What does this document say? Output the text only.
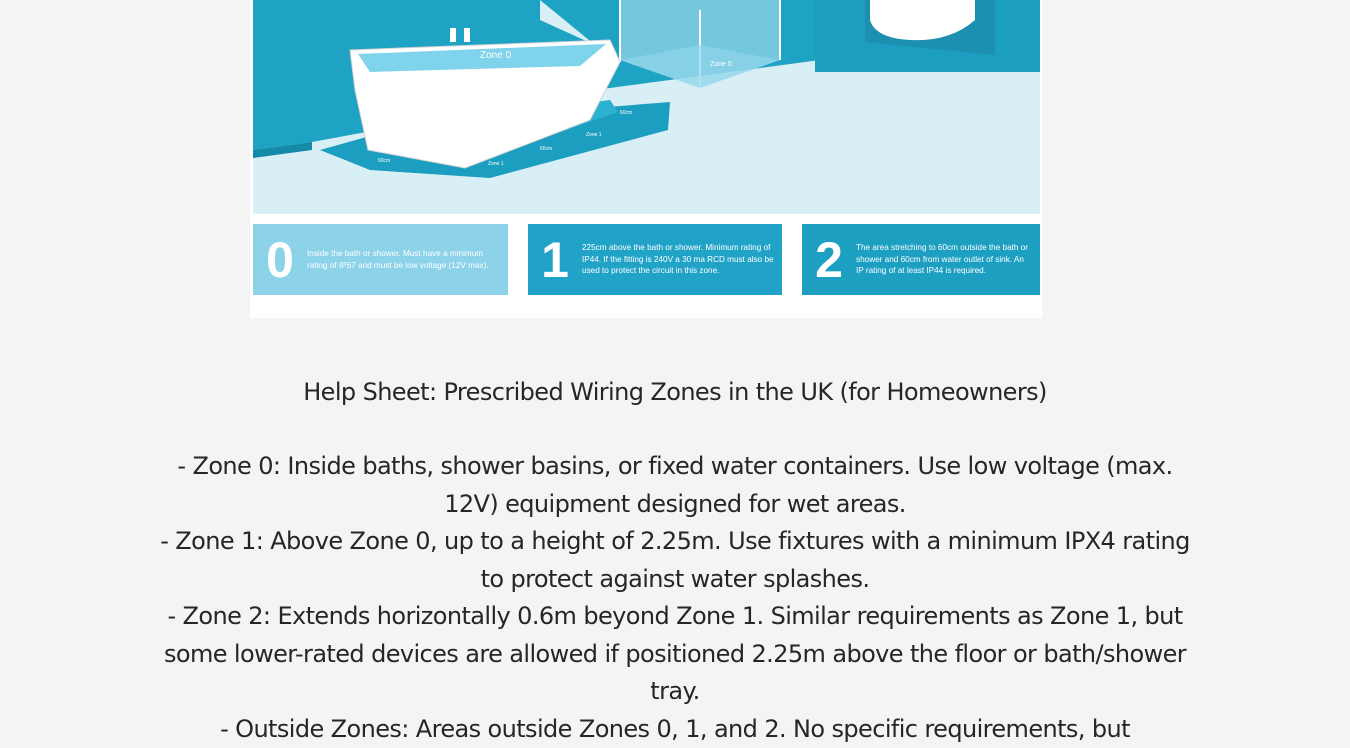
Zone 0
Zone 0
60cm	Zone 1
60cm
Zone 1
60cm
0	Inside the bath or shower. Must have a minimum rating of IP67 and must be low voltage (12V max).	1	225cm above the bath or shower. Minimum rating of IP44. If the fitting is 240V a 30 ma RCD must also be used to protect the circuit in this zone.	2	The area stretching to 60cm outside the bath or shower and 60cm from water outlet of sink. An IP rating of at least IP44 is required.

Help Sheet: Prescribed Wiring Zones in the UK (for Homeowners)

- Zone 0: Inside baths, shower basins, or fixed water containers. Use low voltage (max. 12V) equipment designed for wet areas.

- Zone 1: Above Zone 0, up to a height of 2.25m. Use fixtures with a minimum IPX4 rating to protect against water splashes.

- Zone 2: Extends horizontally 0.6m beyond Zone 1. Similar requirements as Zone 1, but some lower-rated devices are allowed if positioned 2.25m above the floor or bath/shower tray.

- Outside Zones: Areas outside Zones 0, 1, and 2. No specific requirements, but
